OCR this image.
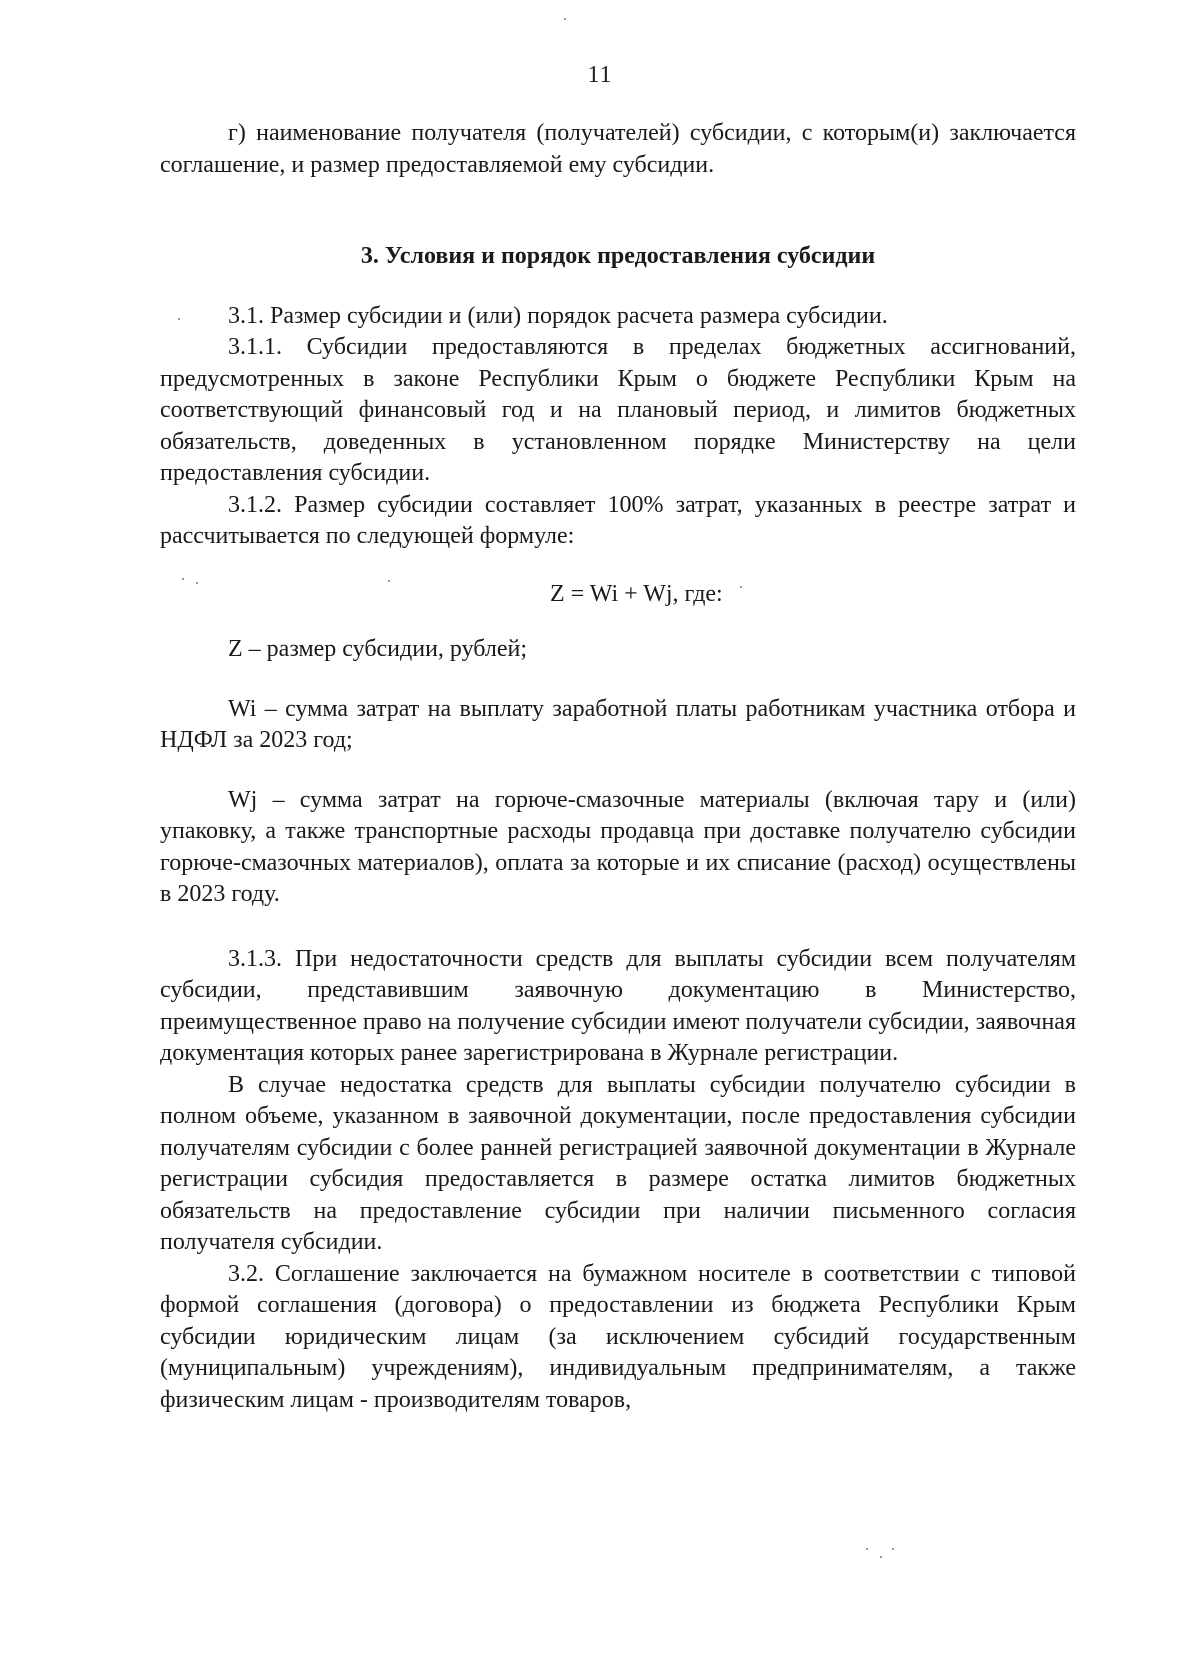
11

г) наименование получателя (получателей) субсидии, с которым(и) заключается соглашение, и размер предоставляемой ему субсидии.

3. Условия и порядок предоставления субсидии

3.1. Размер субсидии и (или) порядок расчета размера субсидии.

3.1.1. Субсидии предоставляются в пределах бюджетных ассигнований, предусмотренных в законе Республики Крым о бюджете Республики Крым на соответствующий финансовый год и на плановый период, и лимитов бюджетных обязательств, доведенных в установленном порядке Министерству на цели предоставления субсидии.

3.1.2. Размер субсидии составляет 100% затрат, указанных в реестре затрат и рассчитывается по следующей формуле:

Z = Wi + Wj, где:

Z – размер субсидии, рублей;

Wi – сумма затрат на выплату заработной платы работникам участника отбора и НДФЛ за 2023 год;

Wj – сумма затрат на горюче-смазочные материалы (включая тару и (или) упаковку, а также транспортные расходы продавца при доставке получателю субсидии горюче-смазочных материалов), оплата за которые и их списание (расход) осуществлены в 2023 году.

3.1.3. При недостаточности средств для выплаты субсидии всем получателям субсидии, представившим заявочную документацию в Министерство, преимущественное право на получение субсидии имеют получатели субсидии, заявочная документация которых ранее зарегистрирована в Журнале регистрации.

В случае недостатка средств для выплаты субсидии получателю субсидии в полном объеме, указанном в заявочной документации, после предоставления субсидии получателям субсидии с более ранней регистрацией заявочной документации в Журнале регистрации субсидия предоставляется в размере остатка лимитов бюджетных обязательств на предоставление субсидии при наличии письменного согласия получателя субсидии.

3.2. Соглашение заключается на бумажном носителе в соответствии с типовой формой соглашения (договора) о предоставлении из бюджета Республики Крым субсидии юридическим лицам (за исключением субсидий государственным (муниципальным) учреждениям), индивидуальным предпринимателям, а также физическим лицам - производителям товаров,
